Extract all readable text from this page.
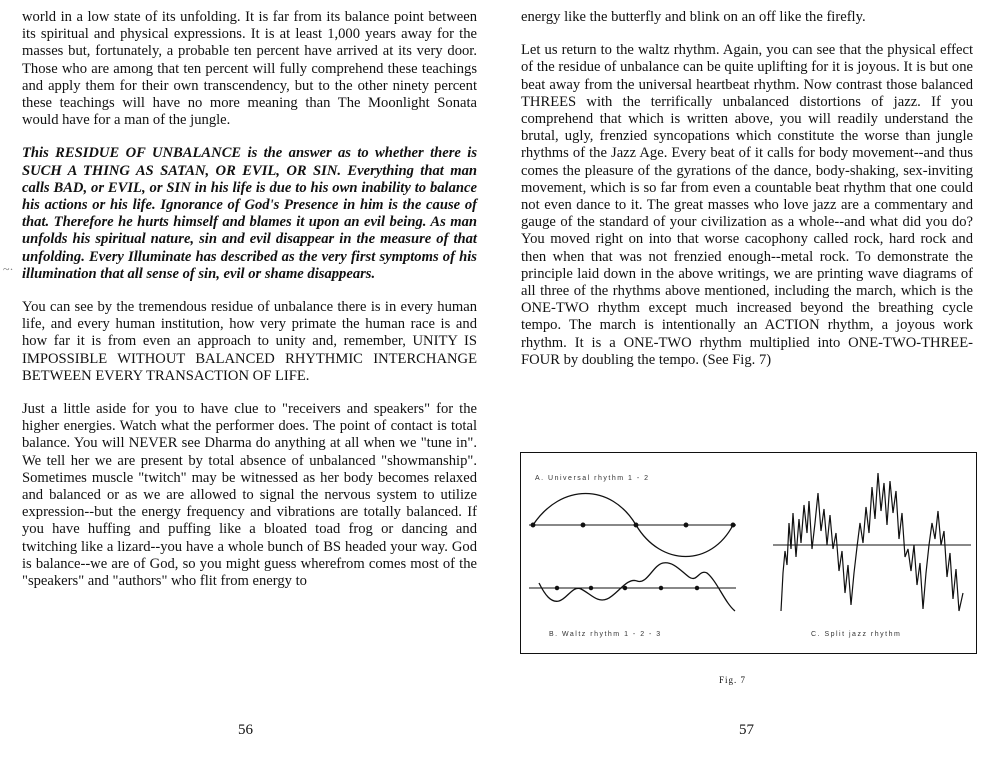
world in a low state of its unfolding. It is far from its balance point between its spiritual and physical expressions. It is at least 1,000 years away for the masses but, fortunately, a probable ten percent have arrived at its very door. Those who are among that ten percent will fully comprehend these teachings and apply them for their own transcendency, but to the other ninety percent these teachings will have no more meaning than The Moonlight Sonata would have for a man of the jungle.

This RESIDUE OF UNBALANCE is the answer as to whether there is SUCH A THING AS SATAN, OR EVIL, OR SIN. Everything that man calls BAD, or EVIL, or SIN in his life is due to his own inability to balance his actions or his life. Ignorance of God's Presence in him is the cause of that. Therefore he hurts himself and blames it upon an evil being. As man unfolds his spiritual nature, sin and evil disappear in the measure of that unfolding. Every Illuminate has described as the very first symptoms of his illumination that all sense of sin, evil or shame disappears.

You can see by the tremendous residue of unbalance there is in every human life, and every human institution, how very primate the human race is and how far it is from even an approach to unity and, remember, UNITY IS IMPOSSIBLE WITHOUT BALANCED RHYTHMIC INTERCHANGE BETWEEN EVERY TRANSACTION OF LIFE.

Just a little aside for you to have clue to "receivers and speakers" for the higher energies. Watch what the performer does. The point of contact is total balance. You will NEVER see Dharma do anything at all when we "tune in". We tell her we are present by total absence of unbalanced "showmanship". Sometimes muscle "twitch" may be witnessed as her body becomes relaxed and balanced or as we are allowed to signal the nervous system to utilize expression--but the energy frequency and vibrations are totally balanced. If you have huffing and puffing like a bloated toad frog or dancing and twitching like a lizard--you have a whole bunch of BS headed your way. God is balance--we are of God, so you might guess wherefrom comes most of the "speakers" and "authors" who flit from energy to

~·
56

energy like the butterfly and blink on an off like the firefly.

Let us return to the waltz rhythm. Again, you can see that the physical effect of the residue of unbalance can be quite uplifting for it is joyous. It is but one beat away from the universal heartbeat rhythm. Now contrast those balanced THREES with the terrifically unbalanced distortions of jazz. If you comprehend that which is written above, you will readily understand the brutal, ugly, frenzied syncopations which constitute the worse than jungle rhythms of the Jazz Age. Every beat of it calls for body movement--and thus comes the pleasure of the gyrations of the dance, body-shaking, sex-inviting movement, which is so far from even a countable beat rhythm that one could not even dance to it. The great masses who love jazz are a commentary and gauge of the standard of your civilization as a whole--and what did you do? You moved right on into that worse cacophony called rock, hard rock and then when that was not frenzied enough--metal rock. To demonstrate the principle laid down in the above writings, we are printing wave diagrams of all three of the rhythms above mentioned, including the march, which is the ONE-TWO rhythm except much increased beyond the breathing cycle tempo. The march is intentionally an ACTION rhythm, a joyous work rhythm. It is a ONE-TWO rhythm multiplied into ONE-TWO-THREE-FOUR by doubling the tempo. (See Fig. 7)

A. Universal rhythm 1 - 2
B. Waltz rhythm 1 - 2 - 3	C. Split jazz rhythm
Fig. 7
57
